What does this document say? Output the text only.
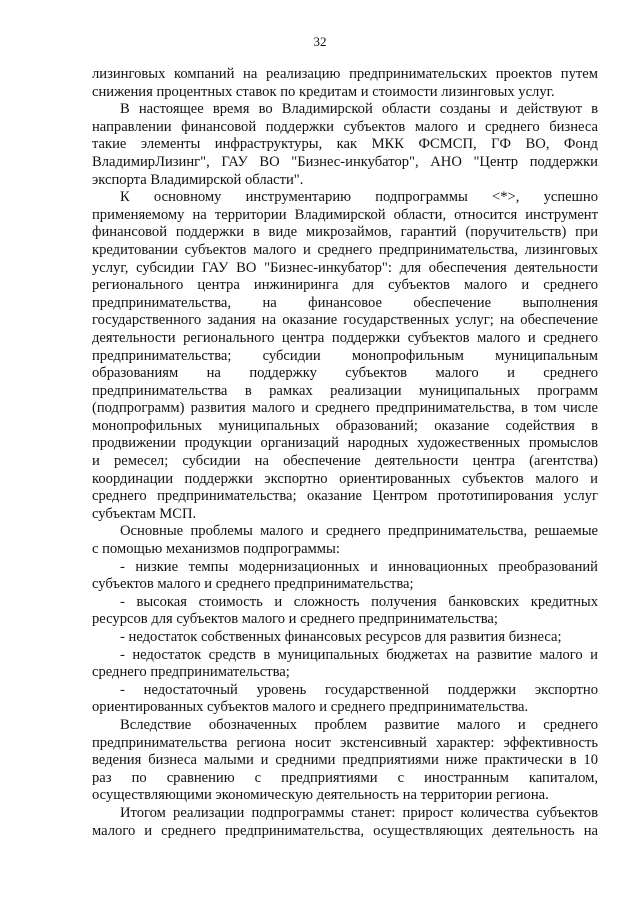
32
лизинговых компаний на реализацию предпринимательских проектов путем
снижения процентных ставок по кредитам и стоимости лизинговых услуг.
В настоящее время во Владимирской области созданы и действуют в
направлении финансовой поддержки субъектов малого и среднего бизнеса
такие элементы инфраструктуры, как МКК ФСМСП, ГФ ВО, Фонд
ВладимирЛизинг", ГАУ ВО "Бизнес-инкубатор", АНО "Центр поддержки
экспорта Владимирской области".
К основному инструментарию подпрограммы <*>, успешно
применяемому на территории Владимирской области, относится инструмент
финансовой поддержки в виде микрозаймов, гарантий (поручительств) при
кредитовании субъектов малого и среднего предпринимательства, лизинговых
услуг, субсидии ГАУ ВО "Бизнес-инкубатор": для обеспечения деятельности
регионального центра инжиниринга для субъектов малого и среднего
предпринимательства, на финансовое обеспечение выполнения
государственного задания на оказание государственных услуг; на обеспечение
деятельности регионального центра поддержки субъектов малого и среднего
предпринимательства; субсидии монопрофильным муниципальным
образованиям на поддержку субъектов малого и среднего
предпринимательства в рамках реализации муниципальных программ
(подпрограмм) развития малого и среднего предпринимательства, в том числе
монопрофильных муниципальных образований; оказание содействия в
продвижении продукции организаций народных художественных промыслов
и ремесел; субсидии на обеспечение деятельности центра (агентства)
координации поддержки экспортно ориентированных субъектов малого и
среднего предпринимательства; оказание Центром прототипирования услуг
субъектам МСП.
Основные проблемы малого и среднего предпринимательства, решаемые
с помощью механизмов подпрограммы:
- низкие темпы модернизационных и инновационных преобразований
субъектов малого и среднего предпринимательства;
- высокая стоимость и сложность получения банковских кредитных
ресурсов для субъектов малого и среднего предпринимательства;
- недостаток собственных финансовых ресурсов для развития бизнеса;
- недостаток средств в муниципальных бюджетах на развитие малого и
среднего предпринимательства;
- недостаточный уровень государственной поддержки экспортно
ориентированных субъектов малого и среднего предпринимательства.
Вследствие обозначенных проблем развитие малого и среднего
предпринимательства региона носит экстенсивный характер: эффективность
ведения бизнеса малыми и средними предприятиями ниже практически в 10
раз по сравнению с предприятиями с иностранным капиталом,
осуществляющими экономическую деятельность на территории региона.
Итогом реализации подпрограммы станет: прирост количества субъектов
малого и среднего предпринимательства, осуществляющих деятельность на
